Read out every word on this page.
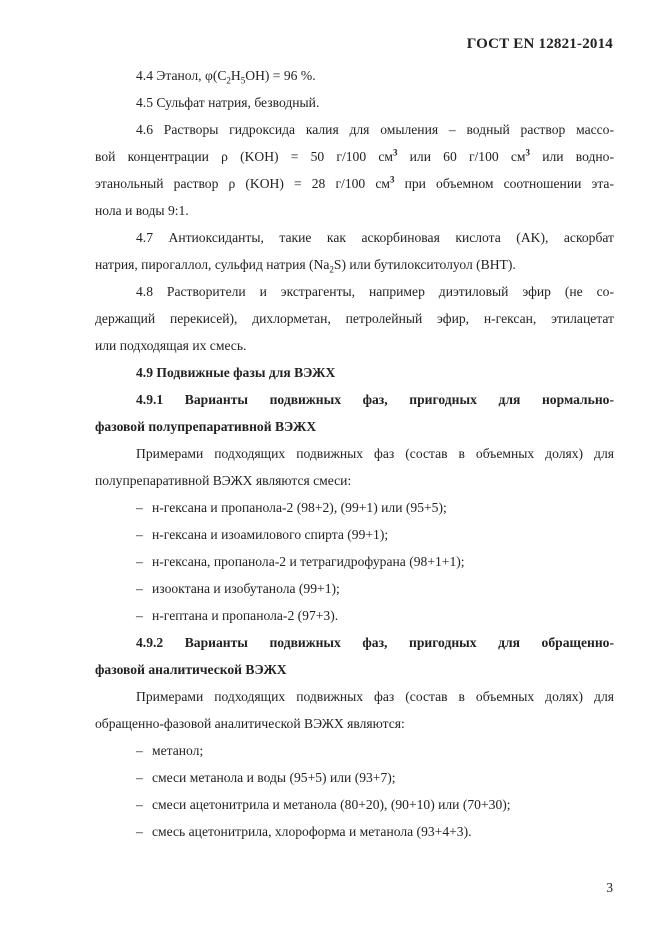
ГОСТ EN 12821-2014

4.4 Этанол, $\varphi(C_2H_5OH) = 96$ %.

4.5 Сульфат натрия, безводный.

4.6 Растворы гидроксида калия для омыления – водный раствор массо-

вой концентрации ρ (KOH) = 50 г/100 $см^3$ или 60 г/100 $см^3$ или водно-

этанольный раствор ρ (KOH) = 28 г/100 $см^3$ при объемном соотношении эта-

нола и воды 9:1.

4.7 Антиоксиданты, такие как аскорбиновая кислота (AK), аскорбат

натрия, пирогаллол, сульфид натрия $(Na_2S)$ или бутилокситолуол (BHT).

4.8 Растворители и экстрагенты, например диэтиловый эфир (не со-

держащий перекисей), дихлорметан, петролейный эфир, н-гексан, этилацетат

или подходящая их смесь.

4.9 Подвижные фазы для ВЭЖХ

4.9.1 Варианты подвижных фаз, пригодных для нормально-

фазовой полупрепаративной ВЭЖХ

Примерами подходящих подвижных фаз (состав в объемных долях) для

полупрепаративной ВЭЖХ являются смеси:

– н-гексана и пропанола-2 (98+2), (99+1) или (95+5);

– н-гексана и изоамилового спирта (99+1);

– н-гексана, пропанола-2 и тетрагидрофурана (98+1+1);

– изооктана и изобутанола (99+1);

– н-гептана и пропанола-2 (97+3).

4.9.2 Варианты подвижных фаз, пригодных для обращенно-

фазовой аналитической ВЭЖХ

Примерами подходящих подвижных фаз (состав в объемных долях) для

обращенно-фазовой аналитической ВЭЖХ являются:

– метанол;

– смеси метанола и воды (95+5) или (93+7);

– смеси ацетонитрила и метанола (80+20), (90+10) или (70+30);

– смесь ацетонитрила, хлороформа и метанола (93+4+3).

3
